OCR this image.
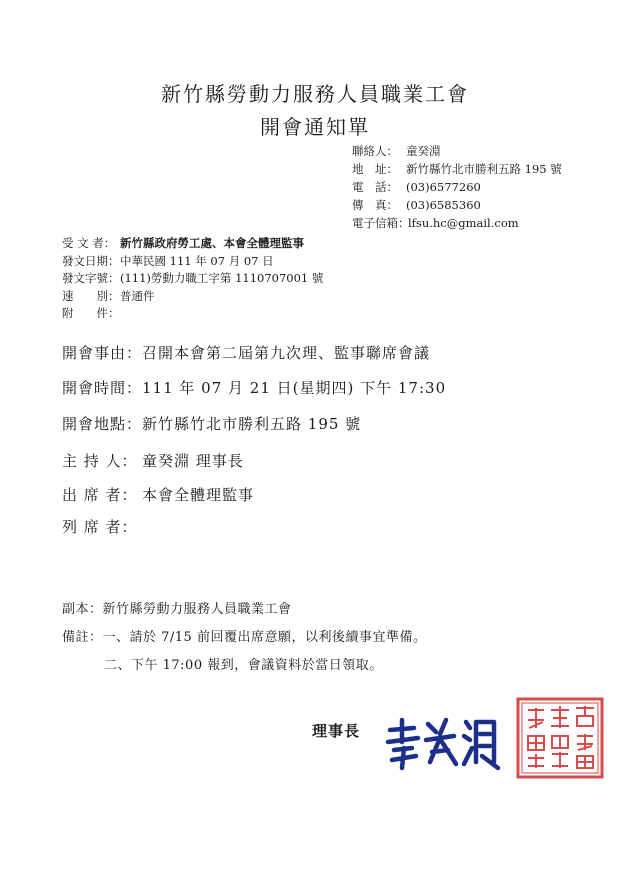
新竹縣勞動力服務人員職業工會
開會通知單
聯絡人： 童癸淵
地　址： 新竹縣竹北市勝利五路 195 號
電　話： (03)6577260
傳　真： (03)6585360
電子信箱：
lfsu.hc@gmail.com
受 文 者： 新竹縣政府勞工處、本會全體理監事
發文日期： 中華民國 111 年 07 月 07 日
發文字號： (111)勞動力職工字第 1110707001 號
速　　別： 普通件
附　　件：
開會事由： 召開本會第二屆第九次理、監事聯席會議
開會時間： 111 年 07 月 21 日(星期四) 下午 17:30
開會地點： 新竹縣竹北市勝利五路 195 號
主 持 人： 童癸淵 理事長
出 席 者： 本會全體理監事
列 席 者：
副本：新竹縣勞動力服務人員職業工會
備註：一、請於 7/15 前回覆出席意願，以利後續事宜準備。
二、下午 17:00 報到，會議資料於當日領取。
理事長
